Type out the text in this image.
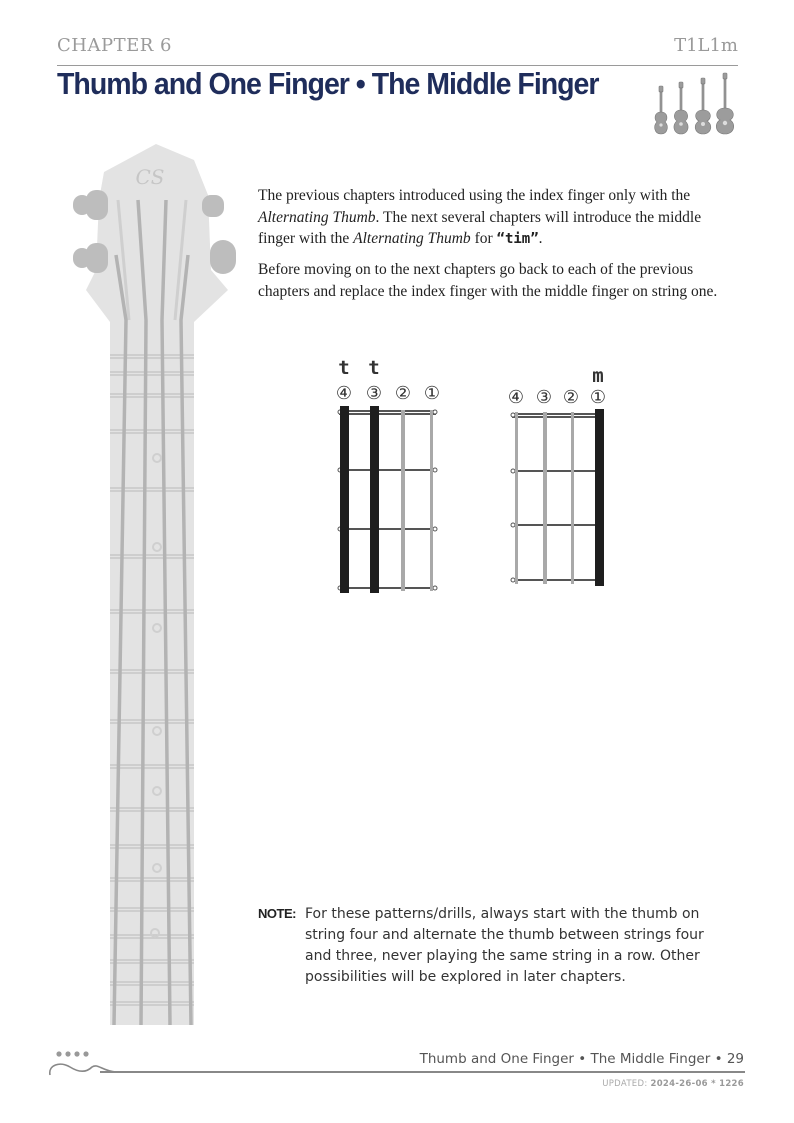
CHAPTER 6	T1L1m
Thumb and One Finger • The Middle Finger
CS
The previous chapters introduced using the index finger only with the Alternating Thumb. The next several chapters will introduce the middle finger with the Alternating Thumb for “tim”.
Before moving on to the next chapters go back to each of the previous chapters and replace the index finger with the middle finger on string one.
t t
④ ③ ② ①
m
④ ③ ② ①
NOTE: For these patterns/drills, always start with the thumb on string four and alternate the thumb between strings four and three, never playing the same string in a row. Other possibilities will be explored in later chapters.
Thumb and One Finger • The Middle Finger • 29
UPDATED: 2024-26-06 * 1226
